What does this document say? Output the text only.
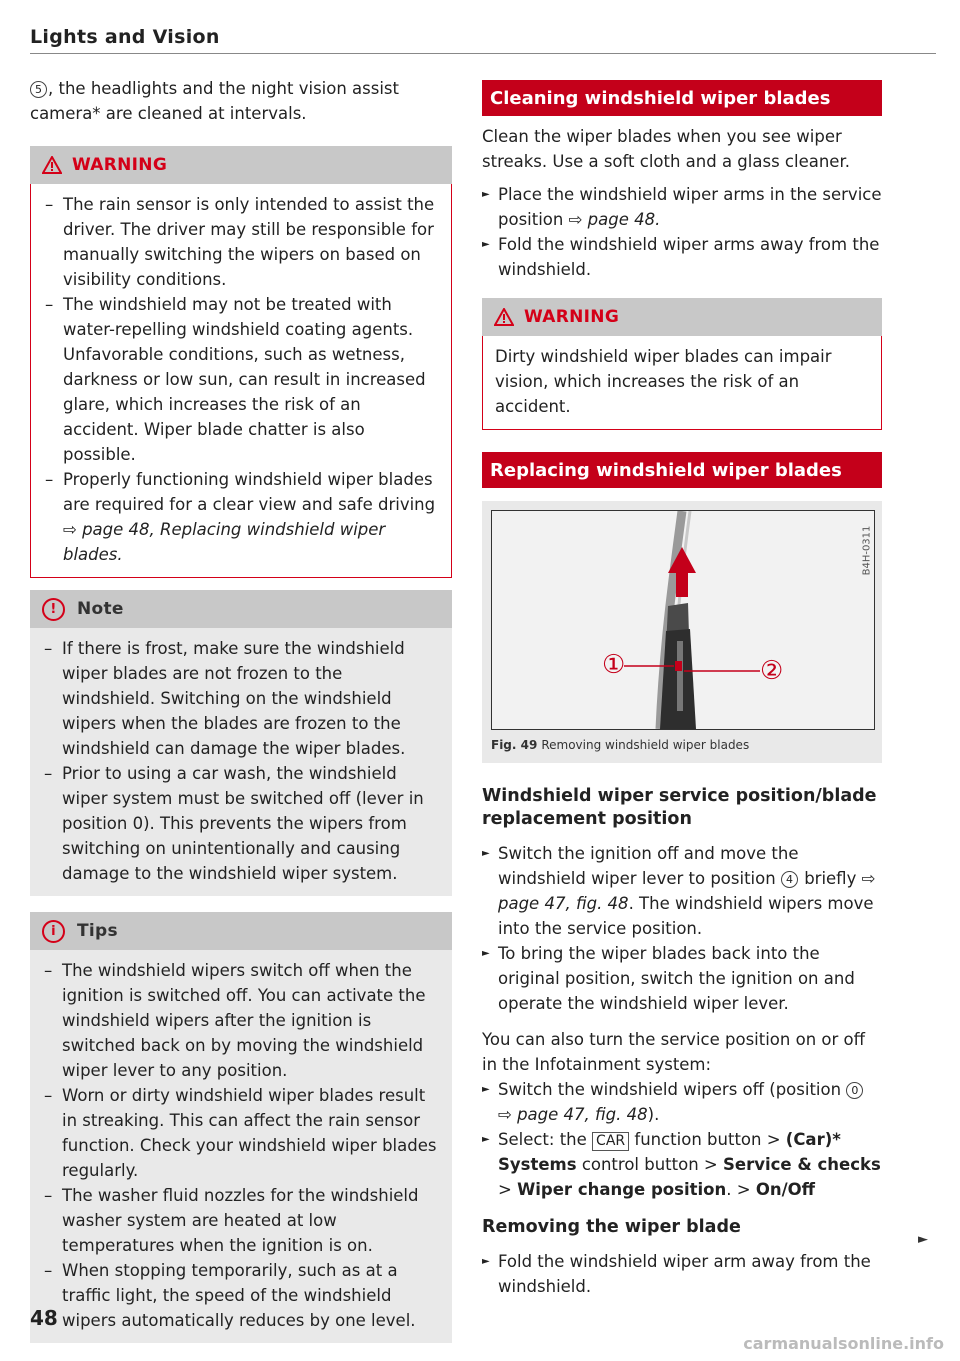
Lights and Vision

5 , the headlights and the night vision assist camera* are cleaned at intervals.

WARNING
– The rain sensor is only intended to assist the driver. The driver may still be responsible for manually switching the wipers on based on visibility conditions.
– The windshield may not be treated with water-repelling windshield coating agents. Unfavorable conditions, such as wetness, darkness or low sun, can result in increased glare, which increases the risk of an accident. Wiper blade chatter is also possible.
– Properly functioning windshield wiper blades are required for a clear view and safe driving ⇨ page 48, Replacing windshield wiper blades.
!	Note
– If there is frost, make sure the windshield wiper blades are not frozen to the windshield. Switching on the windshield wipers when the blades are frozen to the windshield can damage the wiper blades.
– Prior to using a car wash, the windshield wiper system must be switched off (lever in position 0). This prevents the wipers from switching on unintentionally and causing damage to the windshield wiper system.
i	Tips
– The windshield wipers switch off when the ignition is switched off. You can activate the windshield wipers after the ignition is switched back on by moving the windshield wiper lever to any position.
– Worn or dirty windshield wiper blades result in streaking. This can affect the rain sensor function. Check your windshield wiper blades regularly.
– The washer fluid nozzles for the windshield washer system are heated at low temperatures when the ignition is on.
– When stopping temporarily, such as at a traffic light, the speed of the windshield wipers automatically reduces by one level.
Cleaning windshield wiper blades

Clean the wiper blades when you see wiper streaks. Use a soft cloth and a glass cleaner.

► Place the windshield wiper arms in the service position ⇨ page 48.
► Fold the windshield wiper arms away from the windshield.
WARNING

Dirty windshield wiper blades can impair vision, which increases the risk of an accident.

Replacing windshield wiper blades
①	②
B4H-0311
Fig. 49 Removing windshield wiper blades
Windshield wiper service position/blade replacement position
► Switch the ignition off and move the windshield wiper lever to position 4 briefly ⇨ page 47, fig. 48. The windshield wipers move into the service position.
► To bring the wiper blades back into the original position, switch the ignition on and operate the windshield wiper lever.

You can also turn the service position on or off in the Infotainment system:

► Switch the windshield wipers off (position 0 ⇨ page 47, fig. 48).
► Select: the CAR function button > (Car)* Systems control button > Service & checks > Wiper change position. > On/Off
Removing the wiper blade
► Fold the windshield wiper arm away from the windshield.
►
48
carmanualsonline.info
